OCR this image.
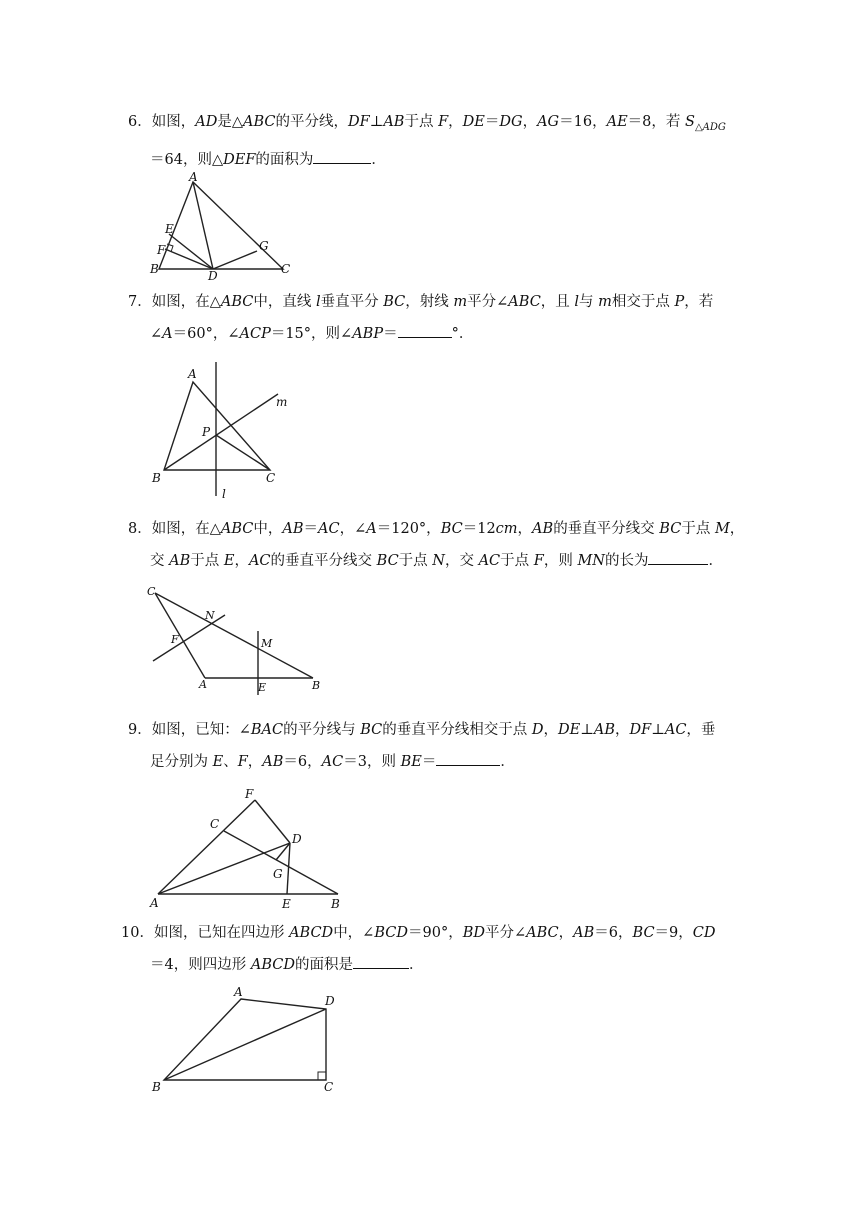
6．如图，AD是△ABC的平分线，DF⊥AB于点 F，DE＝DG，AG＝16，AE＝8，若 $S_{\triangle ADG}$
＝64，则△DEF的面积为	．
A
E
F	G
B	D	C
7．如图，在△ABC中，直线 l垂直平分 BC，射线 m平分∠ABC，且 l与 m相交于点 P，若
∠A＝60°，∠ACP＝15°，则∠ABP＝	°．
A
m
P
B	C
l
8．如图，在△ABC中，AB＝AC，∠A＝120°，BC＝12cm，AB的垂直平分线交 BC于点 M，
交 AB于点 E，AC的垂直平分线交 BC于点 N，交 AC于点 F，则 MN的长为	．
C
N
F	M
A	E	B
9．如图，已知：∠BAC的平分线与 BC的垂直平分线相交于点 D，DE⊥AB，DF⊥AC，垂
足分别为 E、F，AB＝6，AC＝3，则 BE＝	．
F
C
D
G
A	E	B
10．如图，已知在四边形 ABCD中，∠BCD＝90°，BD平分∠ABC，AB＝6，BC＝9，CD
＝4，则四边形 ABCD的面积是	．
A
D
B	C
